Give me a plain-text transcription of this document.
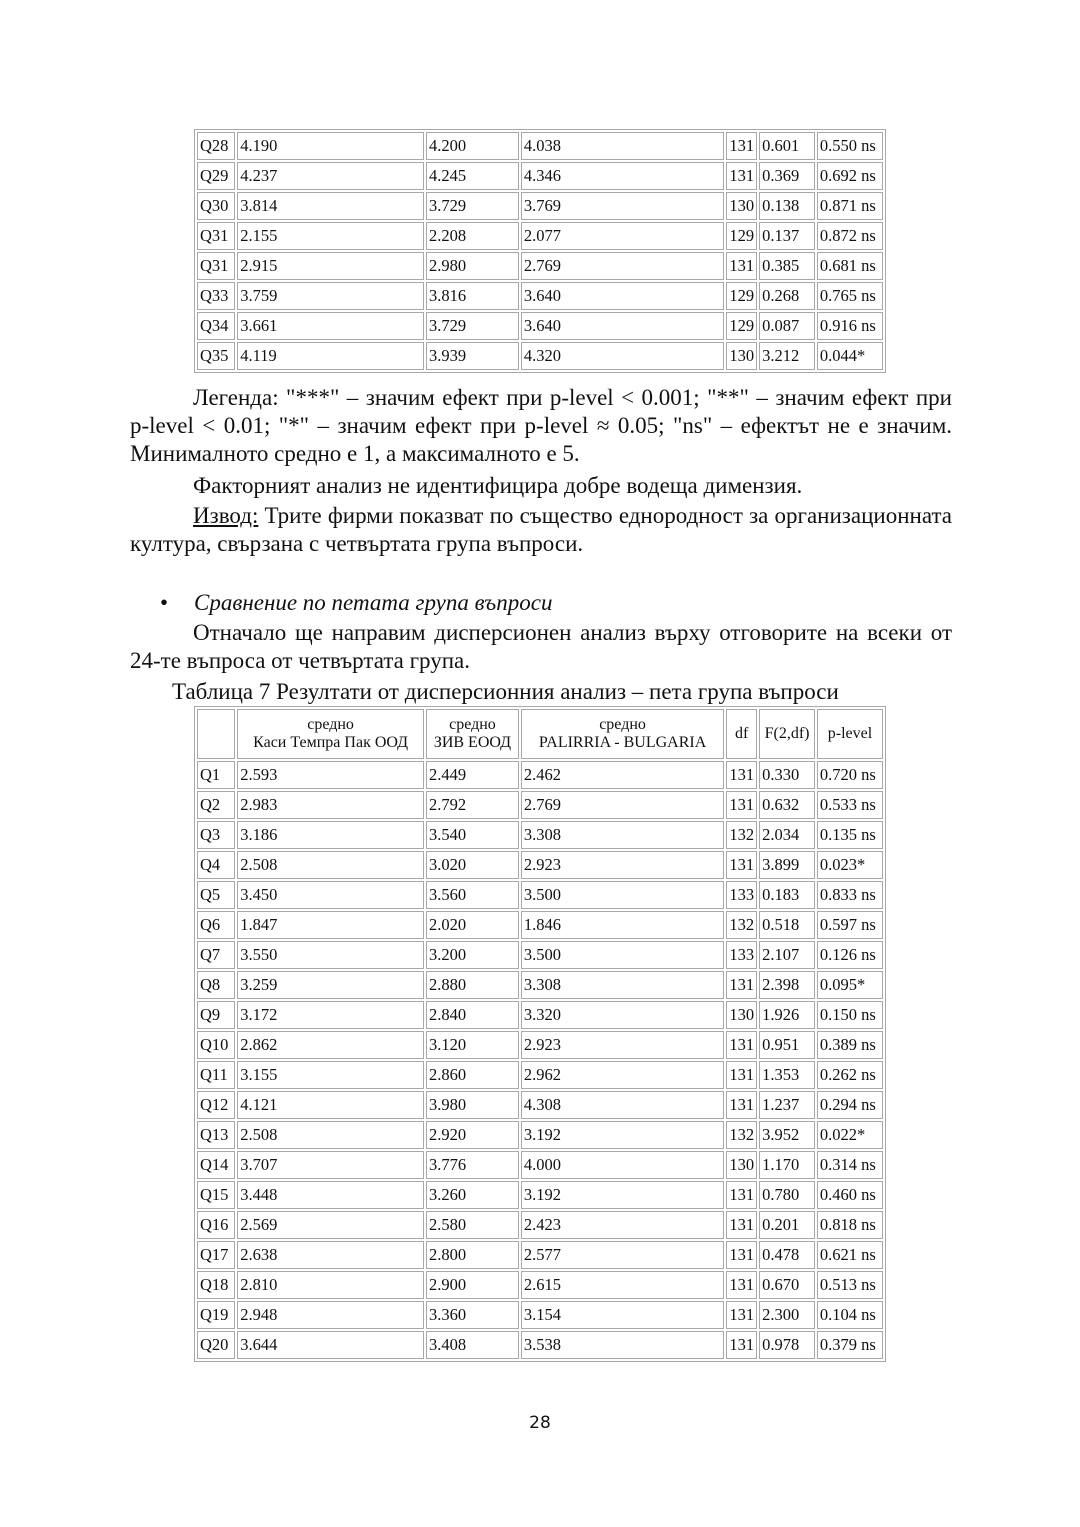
Q28	4.190	4.200	4.038	131	0.601	0.550 ns
Q29	4.237	4.245	4.346	131	0.369	0.692 ns
Q30	3.814	3.729	3.769	130	0.138	0.871 ns
Q31	2.155	2.208	2.077	129	0.137	0.872 ns
Q31	2.915	2.980	2.769	131	0.385	0.681 ns
Q33	3.759	3.816	3.640	129	0.268	0.765 ns
Q34	3.661	3.729	3.640	129	0.087	0.916 ns
Q35	4.119	3.939	4.320	130	3.212	0.044*

Легенда: "***" – значим ефект при p-level < 0.001; "**" – значим ефект при p-level < 0.01; "*" – значим ефект при p-level ≈ 0.05; "ns" – ефектът не е значим. Минималното средно е 1, а максималното е 5.

Факторният анализ не идентифицира добре водеща димензия.

Извод: Трите фирми показват по същество еднородност за организационната култура, свързана с четвъртата група въпроси.

• Сравнение по петата група въпроси

Отначало ще направим дисперсионен анализ върху отговорите на всеки от 24-те въпроса от четвъртата група.

Таблица 7 Резултати от дисперсионния анализ – пета група въпроси
	средно
Каси Темпра Пак ООД	средно
ЗИВ ЕООД	средно
PALIRRIA - BULGARIA	df	F(2,df)	p-level
Q1	2.593	2.449	2.462	131	0.330	0.720 ns
Q2	2.983	2.792	2.769	131	0.632	0.533 ns
Q3	3.186	3.540	3.308	132	2.034	0.135 ns
Q4	2.508	3.020	2.923	131	3.899	0.023*
Q5	3.450	3.560	3.500	133	0.183	0.833 ns
Q6	1.847	2.020	1.846	132	0.518	0.597 ns
Q7	3.550	3.200	3.500	133	2.107	0.126 ns
Q8	3.259	2.880	3.308	131	2.398	0.095*
Q9	3.172	2.840	3.320	130	1.926	0.150 ns
Q10	2.862	3.120	2.923	131	0.951	0.389 ns
Q11	3.155	2.860	2.962	131	1.353	0.262 ns
Q12	4.121	3.980	4.308	131	1.237	0.294 ns
Q13	2.508	2.920	3.192	132	3.952	0.022*
Q14	3.707	3.776	4.000	130	1.170	0.314 ns
Q15	3.448	3.260	3.192	131	0.780	0.460 ns
Q16	2.569	2.580	2.423	131	0.201	0.818 ns
Q17	2.638	2.800	2.577	131	0.478	0.621 ns
Q18	2.810	2.900	2.615	131	0.670	0.513 ns
Q19	2.948	3.360	3.154	131	2.300	0.104 ns
Q20	3.644	3.408	3.538	131	0.978	0.379 ns
28
